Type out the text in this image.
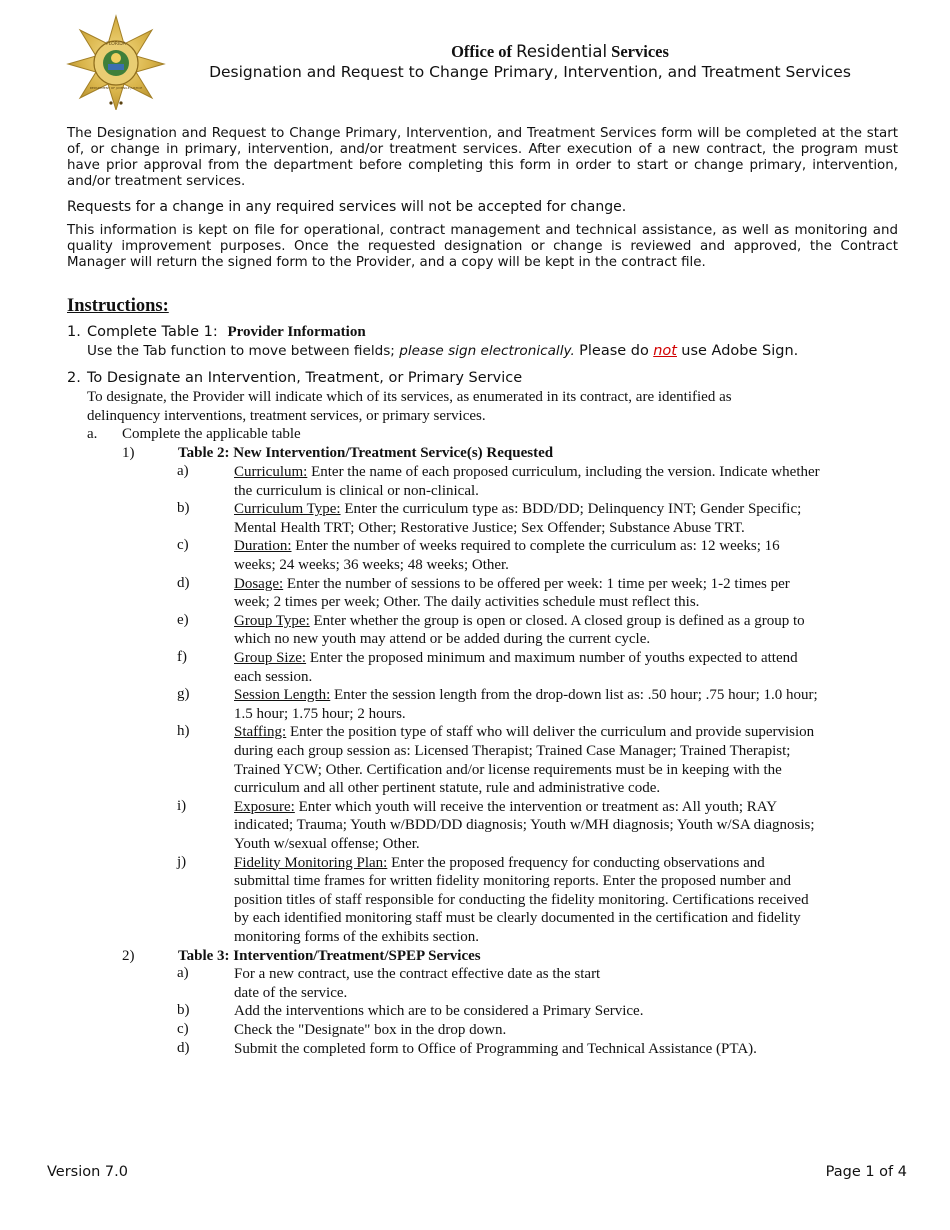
FLORIDA
DEPARTMENT OF JUVENILE JUSTICE
Office of Residential Services
Designation and Request to Change Primary, Intervention, and Treatment Services
The Designation and Request to Change Primary, Intervention, and Treatment Services form will be completed at the start of, or change in primary, intervention, and/or treatment services. After execution of a new contract, the program must have prior approval from the department before completing this form in order to start or change primary, intervention, and/or treatment services.
Requests for a change in any required services will not be accepted for change.
This information is kept on file for operational, contract management and technical assistance, as well as monitoring and quality improvement purposes. Once the requested designation or change is reviewed and approved, the Contract Manager will return the signed form to the Provider, and a copy will be kept in the contract file.
Instructions:
1. Complete Table 1: Provider Information
Use the Tab function to move between fields; please sign electronically. Please do not use Adobe Sign.
2. To Designate an Intervention, Treatment, or Primary Service
To designate, the Provider will indicate which of its services, as enumerated in its contract, are identified as
delinquency interventions, treatment services, or primary services.
a. Complete the applicable table
1)	Table 2: New Intervention/Treatment Service(s) Requested
a)	Curriculum: Enter the name of each proposed curriculum, including the version. Indicate whether
the curriculum is clinical or non-clinical.
b)	Curriculum Type: Enter the curriculum type as: BDD/DD; Delinquency INT; Gender Specific;
Mental Health TRT; Other; Restorative Justice; Sex Offender; Substance Abuse TRT.
c)	Duration: Enter the number of weeks required to complete the curriculum as: 12 weeks; 16
weeks; 24 weeks; 36 weeks; 48 weeks; Other.
d)	Dosage: Enter the number of sessions to be offered per week: 1 time per week; 1-2 times per
week; 2 times per week; Other. The daily activities schedule must reflect this.
e)	Group Type: Enter whether the group is open or closed. A closed group is defined as a group to
which no new youth may attend or be added during the current cycle.
f)	Group Size: Enter the proposed minimum and maximum number of youths expected to attend
each session.
g)	Session Length: Enter the session length from the drop-down list as: .50 hour; .75 hour; 1.0 hour;
1.5 hour; 1.75 hour; 2 hours.
h)	Staffing: Enter the position type of staff who will deliver the curriculum and provide supervision
during each group session as: Licensed Therapist; Trained Case Manager; Trained Therapist;
Trained YCW; Other. Certification and/or license requirements must be in keeping with the
curriculum and all other pertinent statute, rule and administrative code.
i)	Exposure: Enter which youth will receive the intervention or treatment as: All youth; RAY
indicated; Trauma; Youth w/BDD/DD diagnosis; Youth w/MH diagnosis; Youth w/SA diagnosis;
Youth w/sexual offense; Other.
j)	Fidelity Monitoring Plan: Enter the proposed frequency for conducting observations and
submittal time frames for written fidelity monitoring reports. Enter the proposed number and
position titles of staff responsible for conducting the fidelity monitoring. Certifications received
by each identified monitoring staff must be clearly documented in the certification and fidelity
monitoring forms of the exhibits section.
2)	Table 3: Intervention/Treatment/SPEP Services
a)	For a new contract, use the contract effective date as the start
date of the service.
b)	Add the interventions which are to be considered a Primary Service.
c)	Check the "Designate" box in the drop down.
d)	Submit the completed form to Office of Programming and Technical Assistance (PTA).
Version 7.0	Page 1 of 4
